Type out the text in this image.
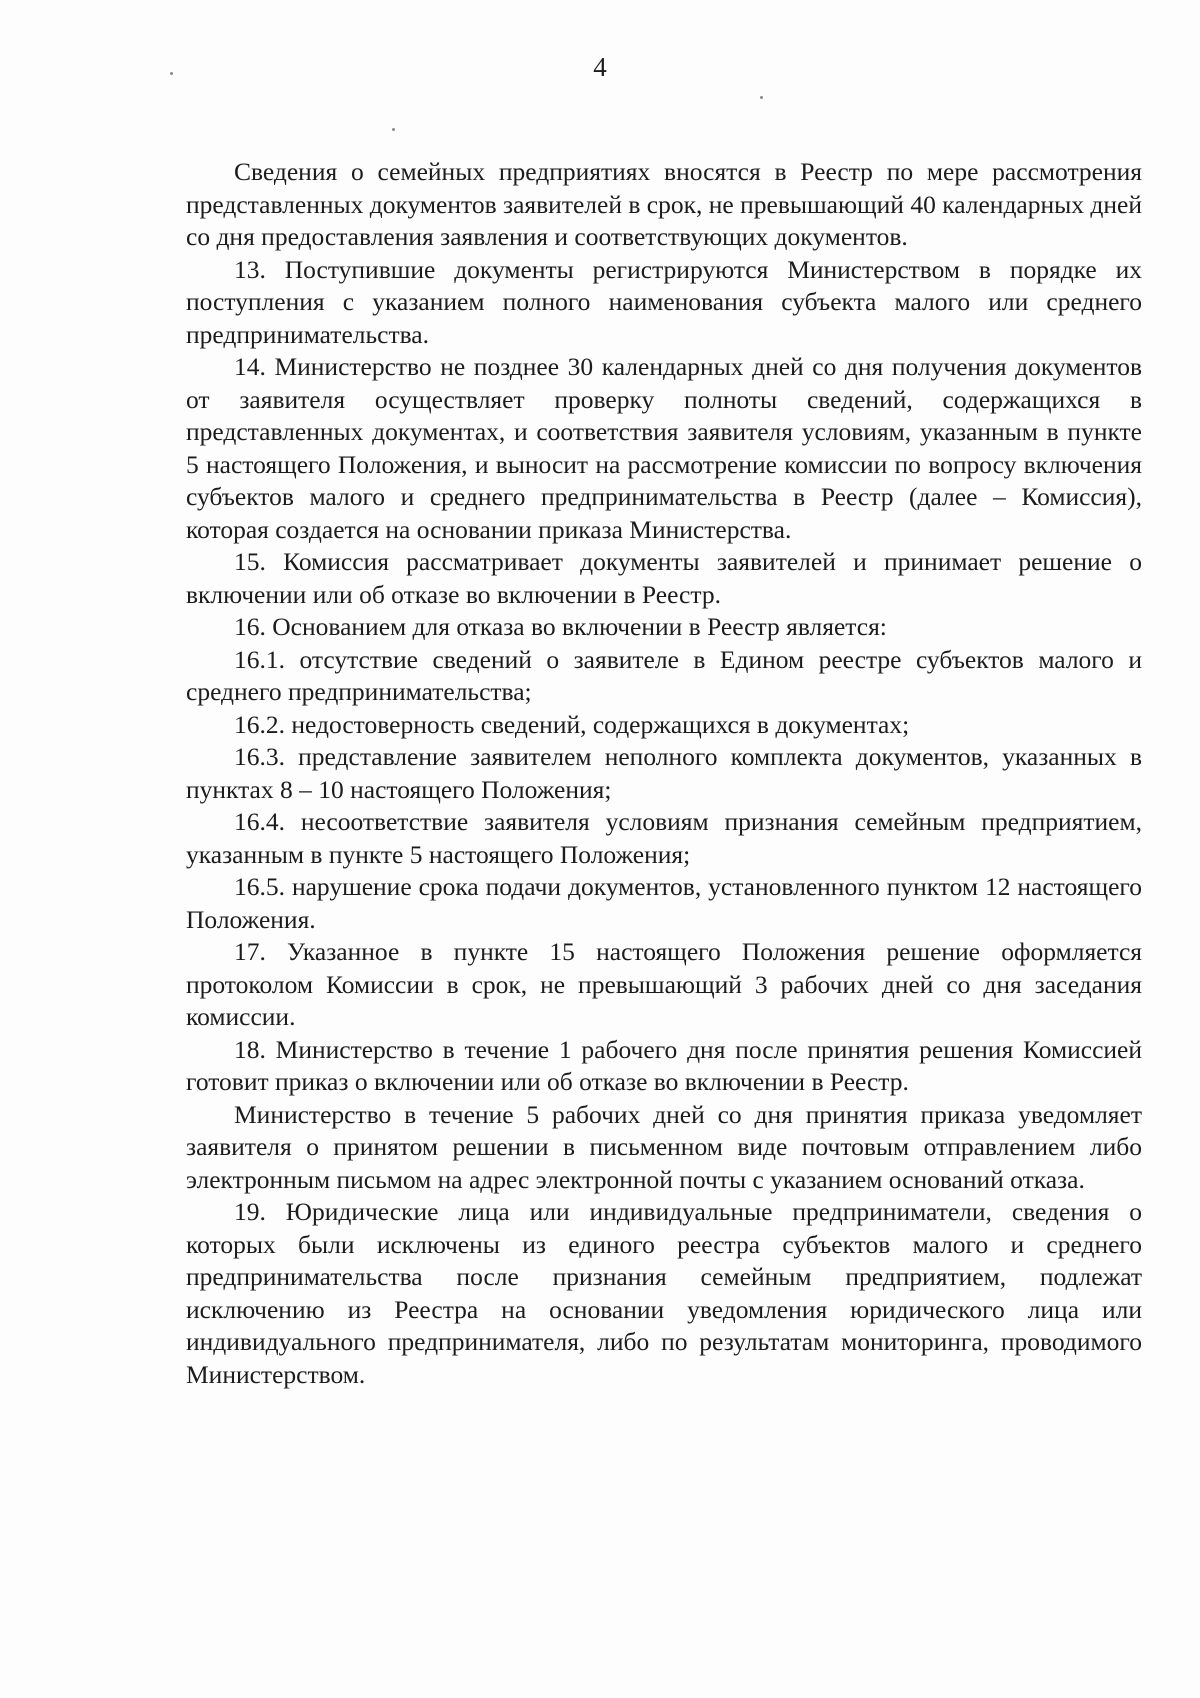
4

Сведения о семейных предприятиях вносятся в Реестр по мере рассмотрения представленных документов заявителей в срок, не превышающий 40 календарных дней со дня предоставления заявления и соответствующих документов.

13. Поступившие документы регистрируются Министерством в порядке их поступления с указанием полного наименования субъекта малого или среднего предпринимательства.

14. Министерство не позднее 30 календарных дней со дня получения документов от заявителя осуществляет проверку полноты сведений, содержащихся в представленных документах, и соответствия заявителя условиям, указанным в пункте 5 настоящего Положения, и выносит на рассмотрение комиссии по вопросу включения субъектов малого и среднего предпринимательства в Реестр (далее – Комиссия), которая создается на основании приказа Министерства.

15. Комиссия рассматривает документы заявителей и принимает решение о включении или об отказе во включении в Реестр.

16. Основанием для отказа во включении в Реестр является:

16.1. отсутствие сведений о заявителе в Едином реестре субъектов малого и среднего предпринимательства;

16.2. недостоверность сведений, содержащихся в документах;

16.3. представление заявителем неполного комплекта документов, указанных в пунктах 8 – 10 настоящего Положения;

16.4. несоответствие заявителя условиям признания семейным предприятием, указанным в пункте 5 настоящего Положения;

16.5. нарушение срока подачи документов, установленного пунктом 12 настоящего Положения.

17. Указанное в пункте 15 настоящего Положения решение оформляется протоколом Комиссии в срок, не превышающий 3 рабочих дней со дня заседания комиссии.

18. Министерство в течение 1 рабочего дня после принятия решения Комиссией готовит приказ о включении или об отказе во включении в Реестр.

Министерство в течение 5 рабочих дней со дня принятия приказа уведомляет заявителя о принятом решении в письменном виде почтовым отправлением либо электронным письмом на адрес электронной почты с указанием оснований отказа.

19. Юридические лица или индивидуальные предприниматели, сведения о которых были исключены из единого реестра субъектов малого и среднего предпринимательства после признания семейным предприятием, подлежат исключению из Реестра на основании уведомления юридического лица или индивидуального предпринимателя, либо по результатам мониторинга, проводимого Министерством.
